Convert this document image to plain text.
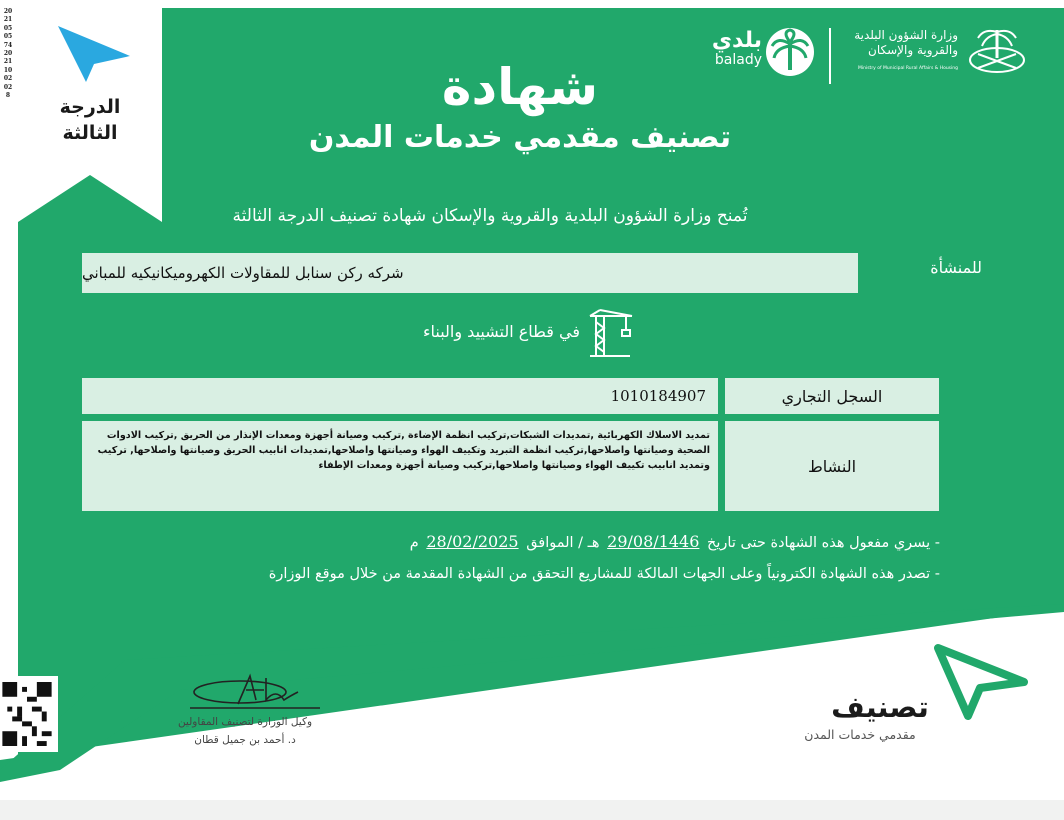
2021050574 20211002028
الدرجة
الثالثة
وزارة الشؤون البلدية
والقروية والإسكان
Ministry of Municipal Rural Affairs & Housing
بلدي
balady
شهادة
تصنيف مقدمي خدمات المدن
تُمنح وزارة الشؤون البلدية والقروية والإسكان شهادة تصنيف الدرجة الثالثة
للمنشأة
شركه ركن سنابل للمقاولات الكهروميكانيكيه للمباني
في قطاع التشييد والبناء
1010184907	السجل التجاري
تمديد الاسلاك الكهربائية ,تمديدات الشبكات,تركيب انظمة الإضاءة ,تركيب وصيانة أجهزة ومعدات الإنذار من الحريق ,تركيب الادوات الصحية وصيانتها واصلاحها,تركيب انظمة التبريد وتكييف الهواء وصيانتها واصلاحها,تمديدات انابيب الحريق وصيانتها واصلاحها, تركيب وتمديد انابيب تكييف الهواء وصيانتها واصلاحها,تركيب وصيانة أجهزة ومعدات الإطفاء	النشاط
- يسري مفعول هذه الشهادة حتى تاريخ 29/08/1446 هـ / الموافق 28/02/2025 م
- تصدر هذه الشهادة الكترونياً وعلى الجهات المالكة للمشاريع التحقق من الشهادة المقدمة من خلال موقع الوزارة
وكيل الوزارة لتصنيف المقاولين
د. أحمد بن جميل قطان
تصنيف
مقدمي خدمات المدن
